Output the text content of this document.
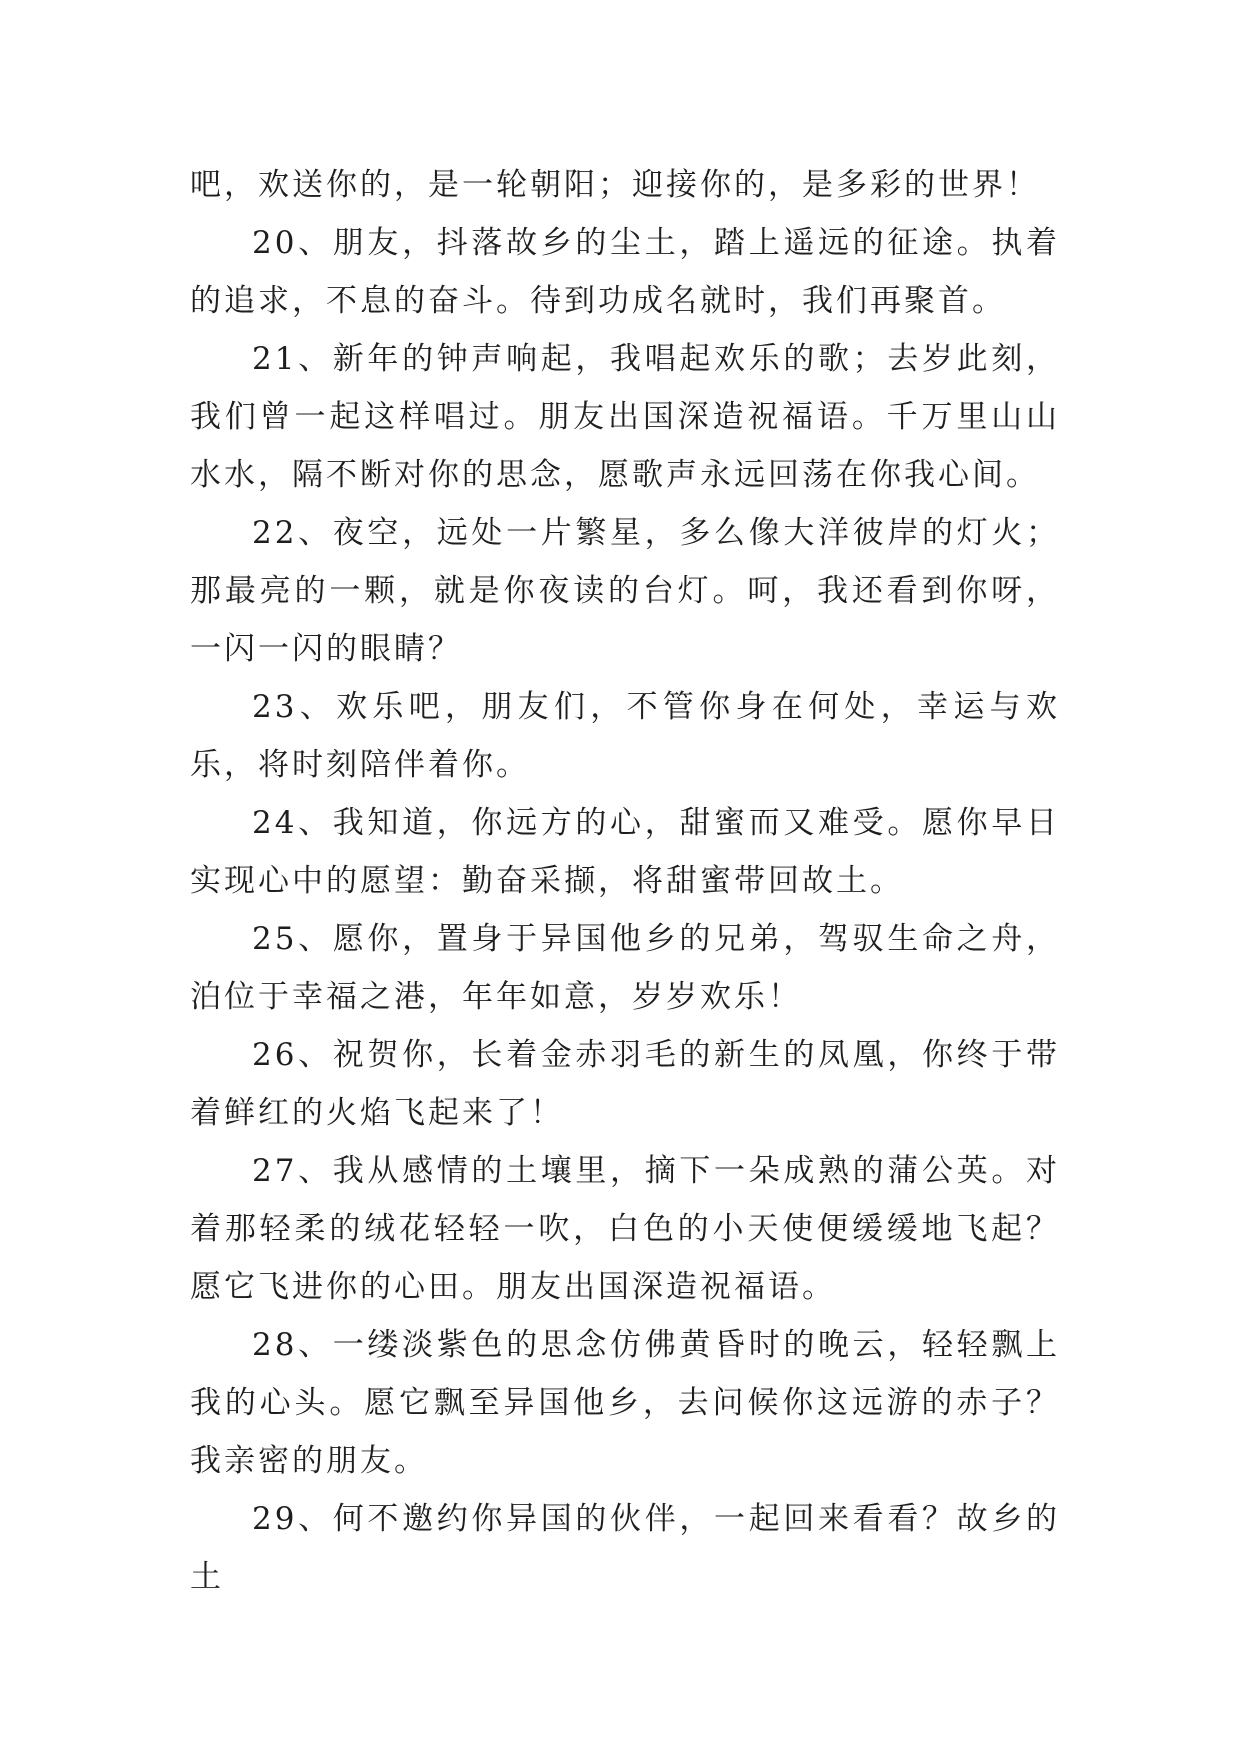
吧，欢送你的，是一轮朝阳；迎接你的，是多彩的世界！

20、朋友，抖落故乡的尘土，踏上遥远的征途。执着的追求，不息的奋斗。待到功成名就时，我们再聚首。

21、新年的钟声响起，我唱起欢乐的歌；去岁此刻，我们曾一起这样唱过。朋友出国深造祝福语。千万里山山水水，隔不断对你的思念，愿歌声永远回荡在你我心间。

22、夜空，远处一片繁星，多么像大洋彼岸的灯火；那最亮的一颗，就是你夜读的台灯。呵，我还看到你呀，一闪一闪的眼睛？

23、欢乐吧，朋友们，不管你身在何处，幸运与欢乐，将时刻陪伴着你。

24、我知道，你远方的心，甜蜜而又难受。愿你早日实现心中的愿望：勤奋采撷，将甜蜜带回故土。

25、愿你，置身于异国他乡的兄弟，驾驭生命之舟，泊位于幸福之港，年年如意，岁岁欢乐！

26、祝贺你，长着金赤羽毛的新生的凤凰，你终于带着鲜红的火焰飞起来了！

27、我从感情的土壤里，摘下一朵成熟的蒲公英。对着那轻柔的绒花轻轻一吹，白色的小天使便缓缓地飞起？愿它飞进你的心田。朋友出国深造祝福语。

28、一缕淡紫色的思念仿佛黄昏时的晚云，轻轻飘上我的心头。愿它飘至异国他乡，去问候你这远游的赤子？我亲密的朋友。

29、何不邀约你异国的伙伴，一起回来看看？故乡的土
